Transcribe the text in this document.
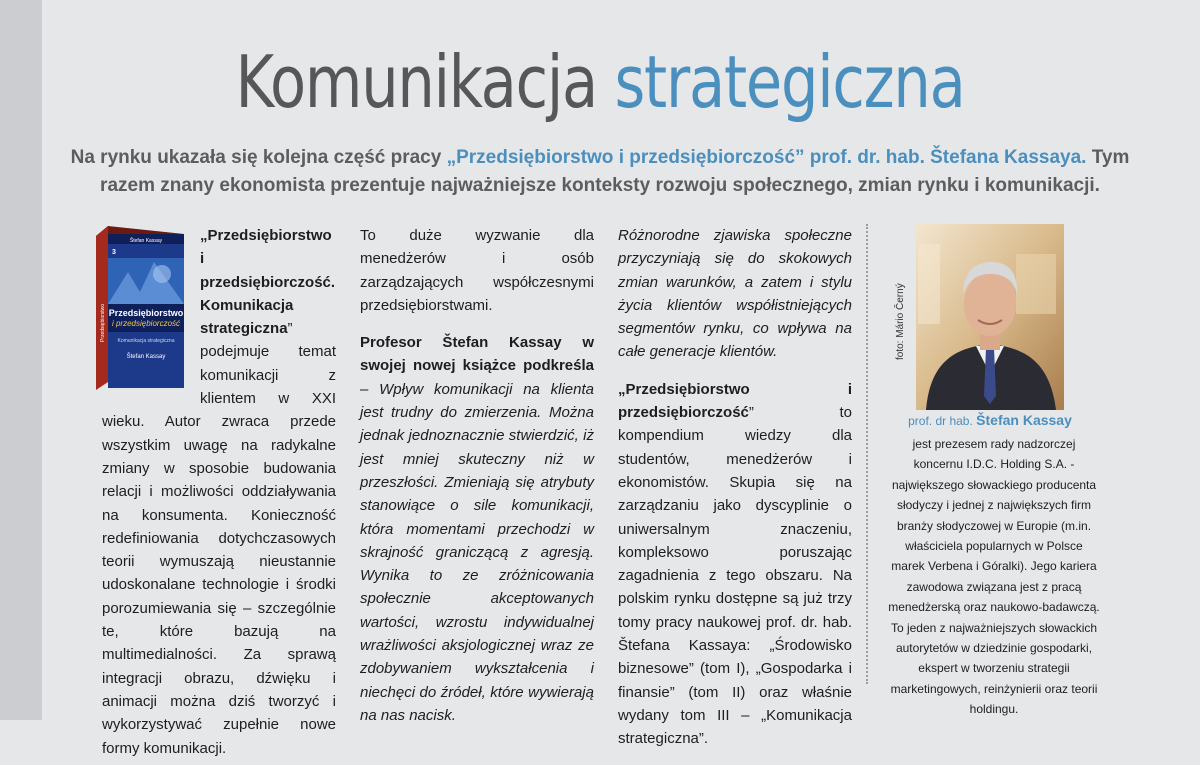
Komunikacja strategiczna
Na rynku ukazała się kolejna część pracy „Przedsiębiorstwo i przedsiębiorczość” prof. dr. hab. Štefana Kassaya. Tym razem znany ekonomista prezentuje najważniejsze konteksty rozwoju społecznego, zmian rynku i komunikacji.
Štefan Kassay
3
Przedsiębiorstwo
i przedsiębiorczość
Komunikacja strategiczna
Štefan Kassay
Przedsiębiorstwo
„Przedsiębiorstwo i przedsiębiorczość. Komunikacja strategiczna” podejmuje temat komunikacji z klientem w XXI wieku. Autor zwraca przede wszystkim uwagę na radykalne zmiany w sposobie budowania relacji i możliwości oddziaływania na konsumenta. Konieczność redefiniowania dotychczasowych teorii wymuszają nieustannie udoskonalane technologie i środki porozumiewania się – szczególnie te, które bazują na multimedialności. Za sprawą integracji obrazu, dźwięku i animacji można dziś tworzyć i wykorzystywać zupełnie nowe formy komunikacji.

To duże wyzwanie dla menedżerów i osób zarządzających współczesnymi przedsiębiorstwami.

Profesor Štefan Kassay w swojej nowej książce podkreśla – Wpływ komunikacji na klienta jest trudny do zmierzenia. Można jednak jednoznacznie stwierdzić, iż jest mniej skuteczny niż w przeszłości. Zmieniają się atrybuty stanowiące o sile komunikacji, która momentami przechodzi w skrajność graniczącą z agresją. Wynika to ze zróżnicowania społecznie akceptowanych wartości, wzrostu indywidualnej wrażliwości aksjologicznej wraz ze zdobywaniem wykształcenia i niechęci do źródeł, które wywierają na nas nacisk.

Różnorodne zjawiska społeczne przyczyniają się do skokowych zmian warunków, a zatem i stylu życia klientów współistniejących segmentów rynku, co wpływa na całe generacje klientów.

„Przedsiębiorstwo i przedsiębiorczość” to kompendium wiedzy dla studentów, menedżerów i ekonomistów. Skupia się na zarządzaniu jako dyscyplinie o uniwersalnym znaczeniu, kompleksowo poruszając zagadnienia z tego obszaru. Na polskim rynku dostępne są już trzy tomy pracy naukowej prof. dr. hab. Štefana Kassaya: „Środowisko biznesowe” (tom I), „Gospodarka i finansie” (tom II) oraz właśnie wydany tom III – „Komunikacja strategiczna”.

foto: Mário Černý
prof. dr hab. Štefan Kassay
jest prezesem rady nadzorczej koncernu I.D.C. Holding S.A. - największego słowackiego producenta słodyczy i jednej z największych firm branży słodyczowej w Europie (m.in. właściciela popularnych w Polsce marek Verbena i Góralki). Jego kariera zawodowa związana jest z pracą menedżerską oraz naukowo-badawczą. To jeden z najważniejszych słowackich autorytetów w dziedzinie gospodarki, ekspert w tworzeniu strategii marketingowych, reinżynierii oraz teorii holdingu.
